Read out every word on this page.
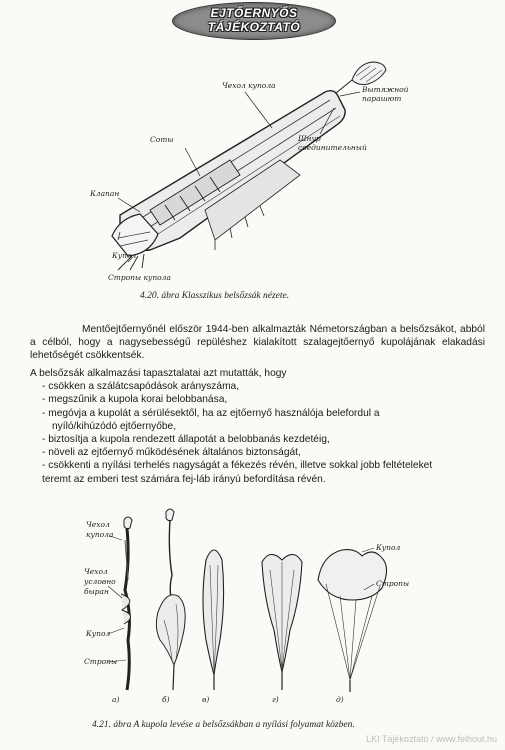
EJTŐERNYŐS
TÁJÉKOZTATÓ
Чехол купола
Соты
Клапан
Купол
Стропы купола
Вытяжной
парашют
Шнур
соединительный
4.20. ábra Klasszikus belsőzsák nézete.

Mentőejtőernyőnél először 1944-ben alkalmazták Németországban a belsőzsákot, abból a célból, hogy a nagysebességű repüléshez kialakított szalagejtőernyő kupolájának elakadási lehetőségét csökkentsék.

A belsőzsák alkalmazási tapasztalatai azt mutatták, hogy

- csökken a szálátcsapódások arányszáma,
- megszűnik a kupola korai belobbanása,
- megóvja a kupolát a sérülésektől, ha az ejtőernyő használója belefordul a
nyíló/kihúzódó ejtőernyőbe,
- biztosítja a kupola rendezett állapotát a belobbanás kezdetéig,
- növeli az ejtőernyő működésének általános biztonságát,
- csökkenti a nyílási terhelés nagyságát a fékezés révén, illetve sokkal jobb feltételeket

teremt az emberi test számára fej-láb irányú befordítása révén.

Чехол
купола
Чехол
условно
быран
Купол
Стропы
Купол
Стропы
а)	б)	в)	г)	д)
4.21. ábra A kupola levése a belsőzsákban a nyílási folyamat közben.
LKI Tájékoztató / www.felhout.hu
